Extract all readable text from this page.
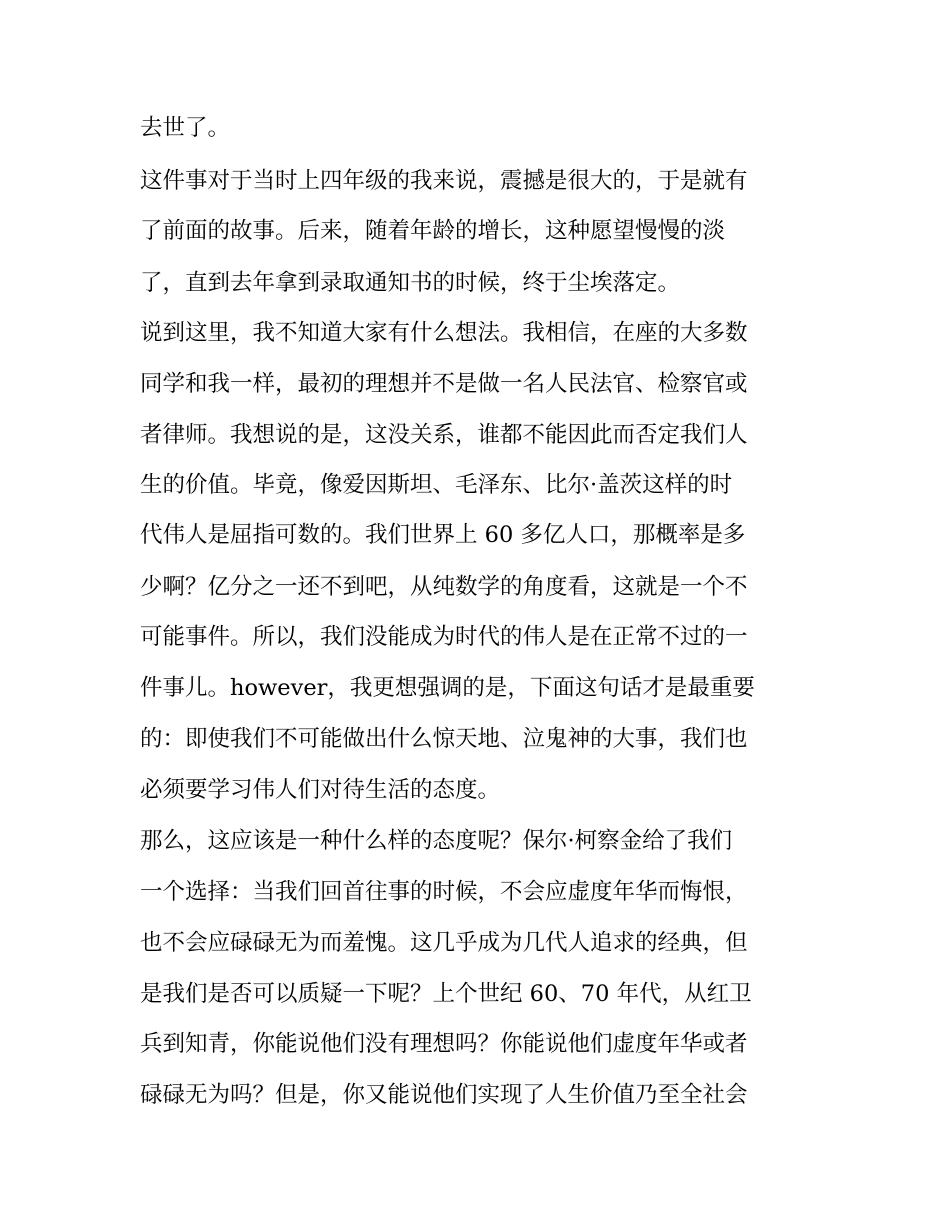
去世了。

这件事对于当时上四年级的我来说，震撼是很大的，于是就有

了前面的故事。后来，随着年龄的增长，这种愿望慢慢的淡

了，直到去年拿到录取通知书的时候，终于尘埃落定。

说到这里，我不知道大家有什么想法。我相信，在座的大多数

同学和我一样，最初的理想并不是做一名人民法官、检察官或

者律师。我想说的是，这没关系，谁都不能因此而否定我们人

生的价值。毕竟，像爱因斯坦、毛泽东、比尔·盖茨这样的时

代伟人是屈指可数的。我们世界上 60 多亿人口，那概率是多

少啊？亿分之一还不到吧，从纯数学的角度看，这就是一个不

可能事件。所以，我们没能成为时代的伟人是在正常不过的一

件事儿。however，我更想强调的是，下面这句话才是最重要

的：即使我们不可能做出什么惊天地、泣鬼神的大事，我们也

必须要学习伟人们对待生活的态度。

那么，这应该是一种什么样的态度呢？保尔·柯察金给了我们

一个选择：当我们回首往事的时候，不会应虚度年华而悔恨，

也不会应碌碌无为而羞愧。这几乎成为几代人追求的经典，但

是我们是否可以质疑一下呢？上个世纪 60、70 年代，从红卫

兵到知青，你能说他们没有理想吗？你能说他们虚度年华或者

碌碌无为吗？但是，你又能说他们实现了人生价值乃至全社会
